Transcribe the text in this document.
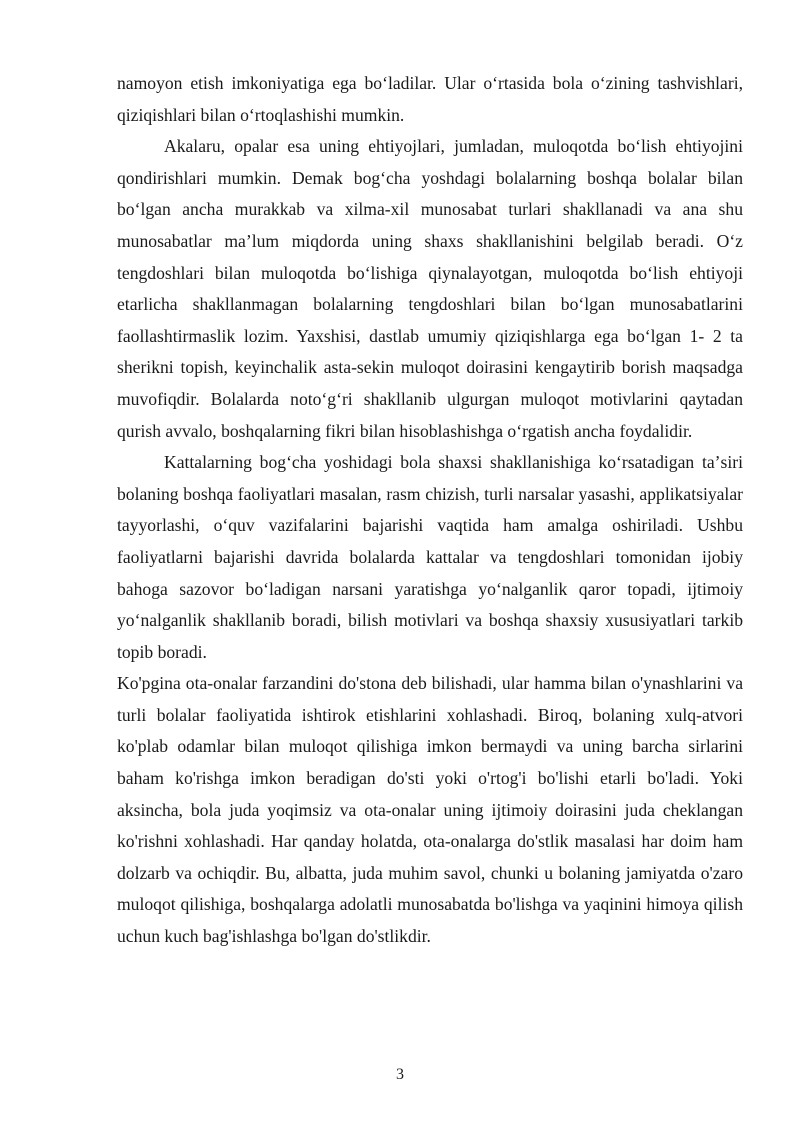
namoyon etish imkoniyatiga ega boʻladilar. Ular oʻrtasida bola oʻzining tashvishlari, qiziqishlari bilan oʻrtoqlashishi mumkin.

Akalaru, opalar esa uning ehtiyojlari, jumladan, muloqotda boʻlish ehtiyojini qondirishlari mumkin. Demak bogʻcha yoshdagi bolalarning boshqa bolalar bilan boʻlgan ancha murakkab va xilma-xil munosabat turlari shakllanadi va ana shu munosabatlar maʼlum miqdorda uning shaxs shakllanishini belgilab beradi. Oʻz tengdoshlari bilan muloqotda boʻlishiga qiynalayotgan, muloqotda boʻlish ehtiyoji etarlicha shakllanmagan bolalarning tengdoshlari bilan boʻlgan munosabatlarini faollashtirmaslik lozim. Yaxshisi, dastlab umumiy qiziqishlarga ega boʻlgan 1- 2 ta sherikni topish, keyinchalik asta-sekin muloqot doirasini kengaytirib borish maqsadga muvofiqdir. Bolalarda notoʻgʻri shakllanib ulgurgan muloqot motivlarini qaytadan qurish avvalo, boshqalarning fikri bilan hisoblashishga oʻrgatish ancha foydalidir.

Kattalarning bogʻcha yoshidagi bola shaxsi shakllanishiga koʻrsatadigan taʼsiri bolaning boshqa faoliyatlari masalan, rasm chizish, turli narsalar yasashi, applikatsiyalar tayyorlashi, oʻquv vazifalarini bajarishi vaqtida ham amalga oshiriladi. Ushbu faoliyatlarni bajarishi davrida bolalarda kattalar va tengdoshlari tomonidan ijobiy bahoga sazovor boʻladigan narsani yaratishga yoʻnalganlik qaror topadi, ijtimoiy yoʻnalganlik shakllanib boradi, bilish motivlari va boshqa shaxsiy xususiyatlari tarkib topib boradi.

Ko'pgina ota-onalar farzandini do'stona deb bilishadi, ular hamma bilan o'ynashlarini va turli bolalar faoliyatida ishtirok etishlarini xohlashadi. Biroq, bolaning xulq-atvori ko'plab odamlar bilan muloqot qilishiga imkon bermaydi va uning barcha sirlarini baham ko'rishga imkon beradigan do'sti yoki o'rtog'i bo'lishi etarli bo'ladi. Yoki aksincha, bola juda yoqimsiz va ota-onalar uning ijtimoiy doirasini juda cheklangan ko'rishni xohlashadi. Har qanday holatda, ota-onalarga do'stlik masalasi har doim ham dolzarb va ochiqdir. Bu, albatta, juda muhim savol, chunki u bolaning jamiyatda o'zaro muloqot qilishiga, boshqalarga adolatli munosabatda bo'lishga va yaqinini himoya qilish uchun kuch bag'ishlashga bo'lgan do'stlikdir.

3
